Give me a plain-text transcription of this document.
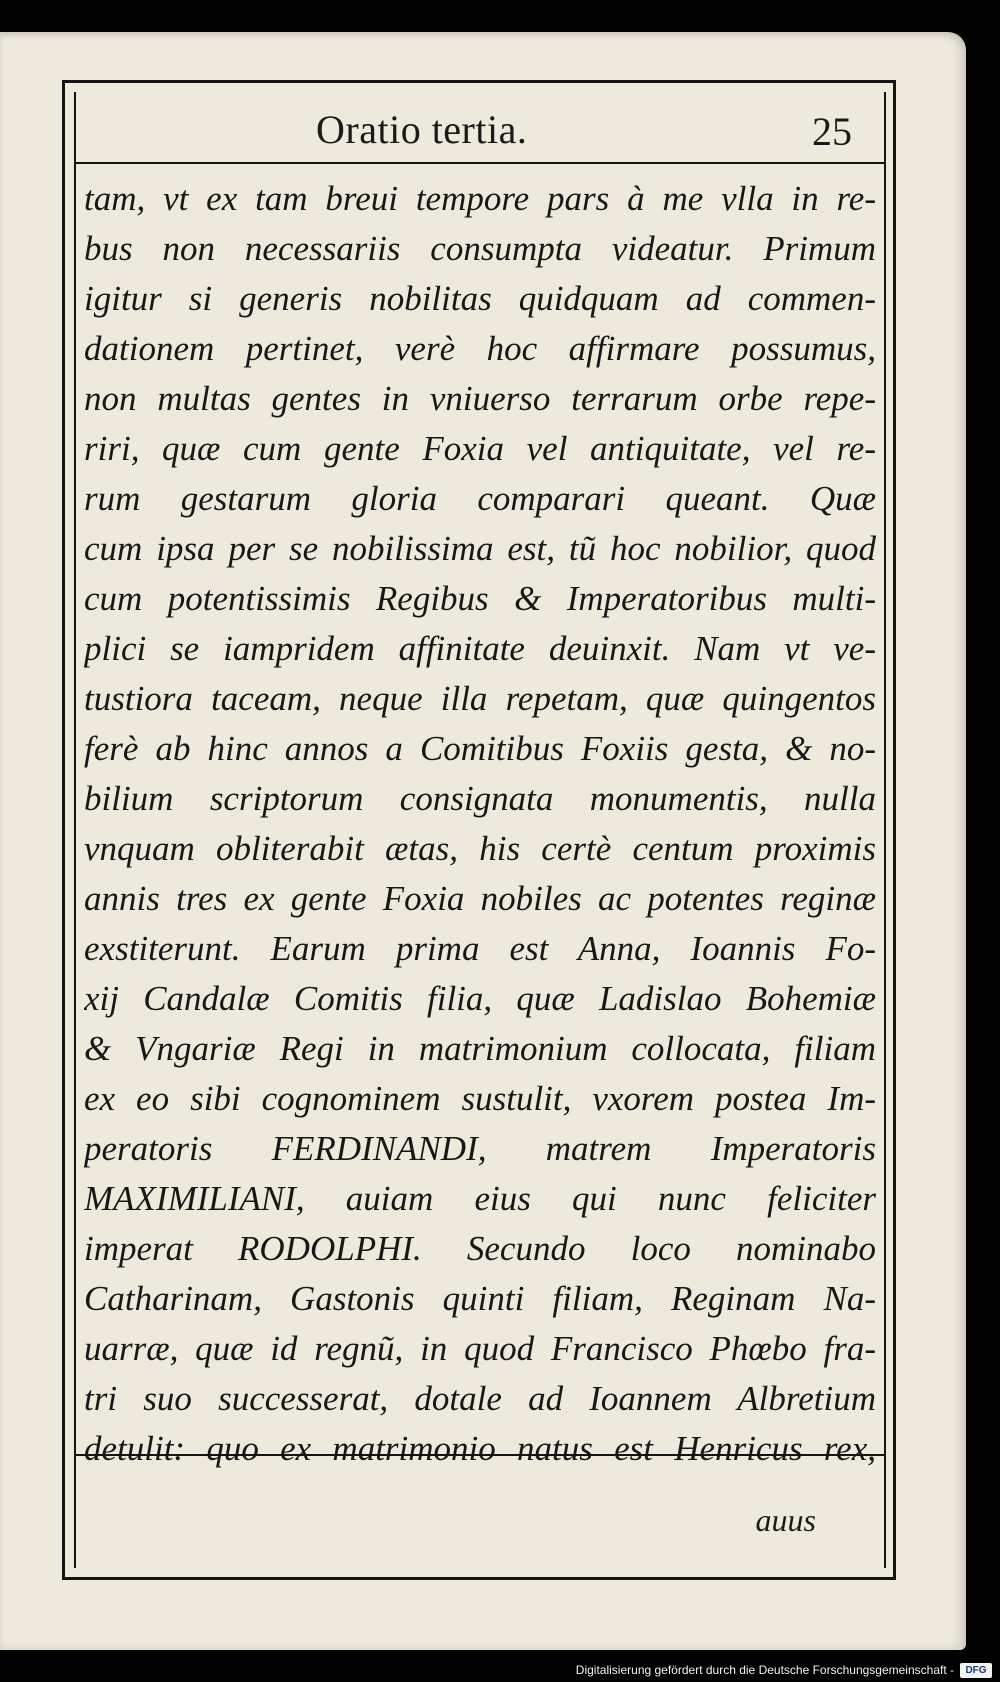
Oratio tertia.	25
tam, vt ex tam breui tempore pars à me vlla in re-
bus non necessariis consumpta videatur. Primum
igitur si generis nobilitas quidquam ad commen-
dationem pertinet, verè hoc affirmare possumus,
non multas gentes in vniuerso terrarum orbe repe-
riri, quæ cum gente Foxia vel antiquitate, vel re-
rum gestarum gloria comparari queant. Quæ
cum ipsa per se nobilissima est, tũ hoc nobilior, quod
cum potentissimis Regibus & Imperatoribus multi-
plici se iampridem affinitate deuinxit. Nam vt ve-
tustiora taceam, neque illa repetam, quæ quingentos
ferè ab hinc annos a Comitibus Foxiis gesta, & no-
bilium scriptorum consignata monumentis, nulla
vnquam obliterabit ætas, his certè centum proximis
annis tres ex gente Foxia nobiles ac potentes reginæ
exstiterunt. Earum prima est Anna, Ioannis Fo-
xij Candalæ Comitis filia, quæ Ladislao Bohemiæ
& Vngariæ Regi in matrimonium collocata, filiam
ex eo sibi cognominem sustulit, vxorem postea Im-
peratoris FERDINANDI, matrem Imperatoris
MAXIMILIANI, auiam eius qui nunc feliciter
imperat RODOLPHI. Secundo loco nominabo
Catharinam, Gastonis quinti filiam, Reginam Na-
uarræ, quæ id regnũ, in quod Francisco Phœbo fra-
tri suo successerat, dotale ad Ioannem Albretium
detulit: quo ex matrimonio natus est Henricus rex,
auus
Digitalisierung gefördert durch die Deutsche Forschungsgemeinschaft -	DFG
